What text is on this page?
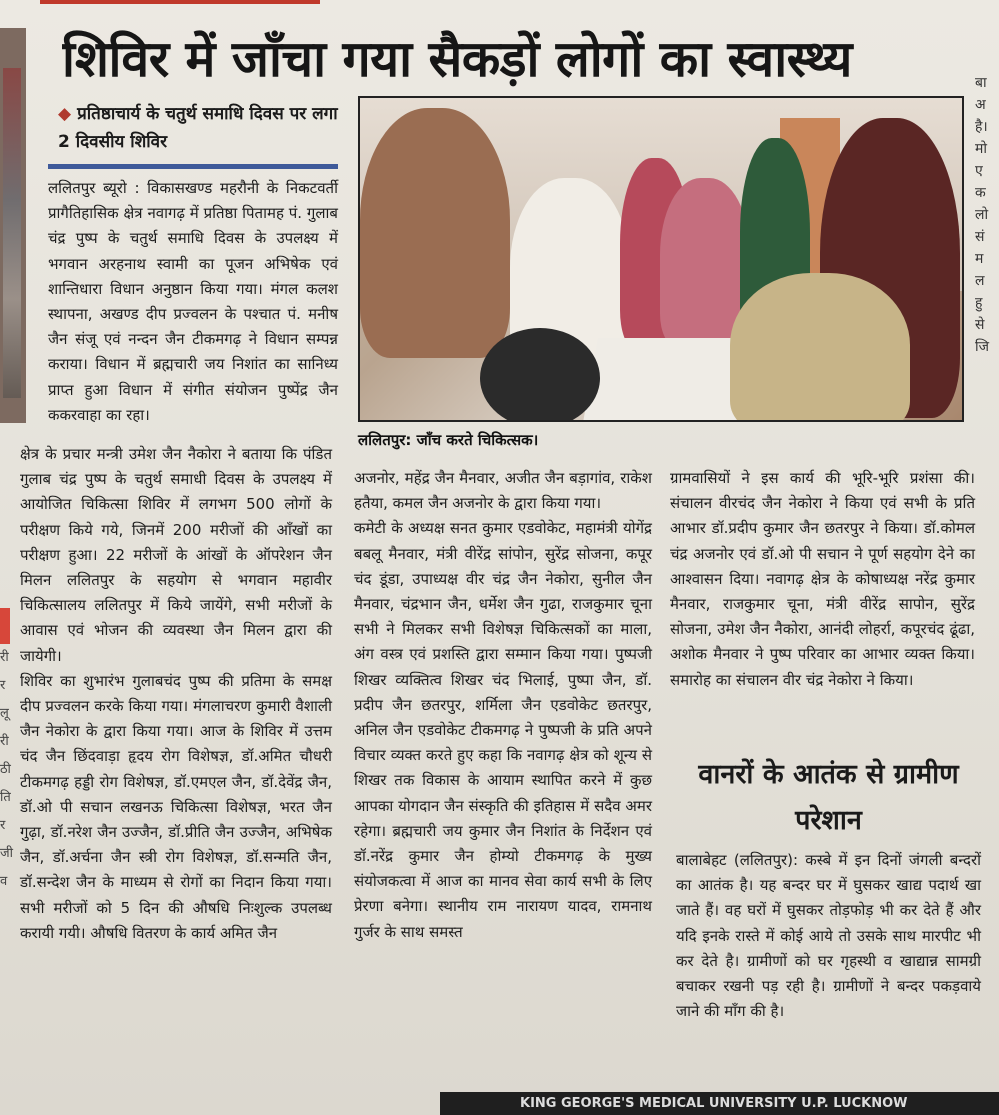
शिविर में जाँचा गया सैकड़ों लोगों का स्वास्थ्य
◆ प्रतिष्ठाचार्य के चतुर्थ समाधि दिवस पर लगा 2 दिवसीय शिविर
ललितपुर: जाँच करते चिकित्सक।

ललितपुर ब्यूरो : विकासखण्ड महरौनी के निकटवर्ती प्रागैतिहासिक क्षेत्र नवागढ़ में प्रतिष्ठा पितामह पं. गुलाब चंद्र पुष्प के चतुर्थ समाधि दिवस के उपलक्ष्य में भगवान अरहनाथ स्वामी का पूजन अभिषेक एवं शान्तिधारा विधान अनुष्ठान किया गया। मंगल कलश स्थापना, अखण्ड दीप प्रज्वलन के पश्चात पं. मनीष जैन संजू एवं नन्दन जैन टीकमगढ़ ने विधान सम्पन्न कराया। विधान में ब्रह्मचारी जय निशांत का सानिध्य प्राप्त हुआ विधान में संगीत संयोजन पुष्पेंद्र जैन ककरवाहा का रहा।

क्षेत्र के प्रचार मन्त्री उमेश जैन नैकोरा ने बताया कि पंडित गुलाब चंद्र पुष्प के चतुर्थ समाधी दिवस के उपलक्ष्य में आयोजित चिकित्सा शिविर में लगभग 500 लोगों के परीक्षण किये गये, जिनमें 200 मरीजों की आँखों का परीक्षण हुआ। 22 मरीजों के आंखों के ऑपरेशन जैन मिलन ललितपुर के सहयोग से भगवान महावीर चिकित्सालय ललितपुर में किये जायेंगे, सभी मरीजों के आवास एवं भोजन की व्यवस्था जैन मिलन द्वारा की जायेगी।

शिविर का शुभारंभ गुलाबचंद पुष्प की प्रतिमा के समक्ष दीप प्रज्वलन करके किया गया। मंगलाचरण कुमारी वैशाली जैन नेकोरा के द्वारा किया गया। आज के शिविर में उत्तम चंद जैन छिंदवाड़ा हृदय रोग विशेषज्ञ, डॉ.अमित चौधरी टीकमगढ़ हड्डी रोग विशेषज्ञ, डॉ.एमएल जैन, डॉ.देवेंद्र जैन, डॉ.ओ पी सचान लखनऊ चिकित्सा विशेषज्ञ, भरत जैन गुढ़ा, डॉ.नरेश जैन उज्जैन, डॉ.प्रीति जैन उज्जैन, अभिषेक जैन, डॉ.अर्चना जैन स्त्री रोग विशेषज्ञ, डॉ.सन्मति जैन, डॉ.सन्देश जैन के माध्यम से रोगों का निदान किया गया।सभी मरीजों को 5 दिन की औषधि निःशुल्क उपलब्ध करायी गयी। औषधि वितरण के कार्य अमित जैन

अजनोर, महेंद्र जैन मैनवार, अजीत जैन बड़ागांव, राकेश हतैया, कमल जैन अजनोर के द्वारा किया गया।

कमेटी के अध्यक्ष सनत कुमार एडवोकेट, महामंत्री योगेंद्र बबलू मैनवार, मंत्री वीरेंद्र सांपोन, सुरेंद्र सोजना, कपूर चंद डूंडा, उपाध्यक्ष वीर चंद्र जैन नेकोरा, सुनील जैन मैनवार, चंद्रभान जैन, धर्मेश जैन गुढा, राजकुमार चूना सभी ने मिलकर सभी विशेषज्ञ चिकित्सकों का माला, अंग वस्त्र एवं प्रशस्ति द्वारा सम्मान किया गया। पुष्पजी शिखर व्यक्तित्व शिखर चंद भिलाई, पुष्पा जैन, डॉ. प्रदीप जैन छतरपुर, शर्मिला जैन एडवोकेट छतरपुर, अनिल जैन एडवोकेट टीकमगढ़ ने पुष्पजी के प्रति अपने विचार व्यक्त करते हुए कहा कि नवागढ़ क्षेत्र को शून्य से शिखर तक विकास के आयाम स्थापित करने में कुछ आपका योगदान जैन संस्कृति की इतिहास में सदैव अमर रहेगा। ब्रह्मचारी जय कुमार जैन निशांत के निर्देशन एवं डॉ.नरेंद्र कुमार जैन होम्यो टीकमगढ़ के मुख्य संयोजकत्वा में आज का मानव सेवा कार्य सभी के लिए प्रेरणा बनेगा। स्थानीय राम नारायण यादव, रामनाथ गुर्जर के साथ समस्त

ग्रामवासियों ने इस कार्य की भूरि-भूरि प्रशंसा की। संचालन वीरचंद जैन नेकोरा ने किया एवं सभी के प्रति आभार डॉ.प्रदीप कुमार जैन छतरपुर ने किया। डॉ.कोमल चंद्र अजनोर एवं डॉ.ओ पी सचान ने पूर्ण सहयोग देने का आश्वासन दिया। नवागढ़ क्षेत्र के कोषाध्यक्ष नरेंद्र कुमार मैनवार, राजकुमार चूना, मंत्री वीरेंद्र सापोन, सुरेंद्र सोजना, उमेश जैन नैकोरा, आनंदी लोहर्रा, कपूरचंद ढूंढा, अशोक मैनवार ने पुष्प परिवार का आभार व्यक्त किया। समारोह का संचालन वीर चंद्र नेकोरा ने किया।

वानरों के आतंक से ग्रामीण परेशान

बालाबेहट (ललितपुर): कस्बे में इन दिनों जंगली बन्दरों का आतंक है। यह बन्दर घर में घुसकर खाद्य पदार्थ खा जाते हैं। वह घरों में घुसकर तोड़फोड़ भी कर देते हैं और यदि इनके रास्ते में कोई आये तो उसके साथ मारपीट भी कर देते है। ग्रामीणों को घर गृहस्थी व खाद्यान्न सामग्री बचाकर रखनी पड़ रही है। ग्रामीणों ने बन्दर पकड़वाये जाने की माँग की है।

बा
अ
है।
मो
ए
क
लो
सं
म
ल
हु
से
जि
री
र
लू
री
ठी
ति
र
जी
व
KING GEORGE'S MEDICAL UNIVERSITY U.P. LUCKNOW
